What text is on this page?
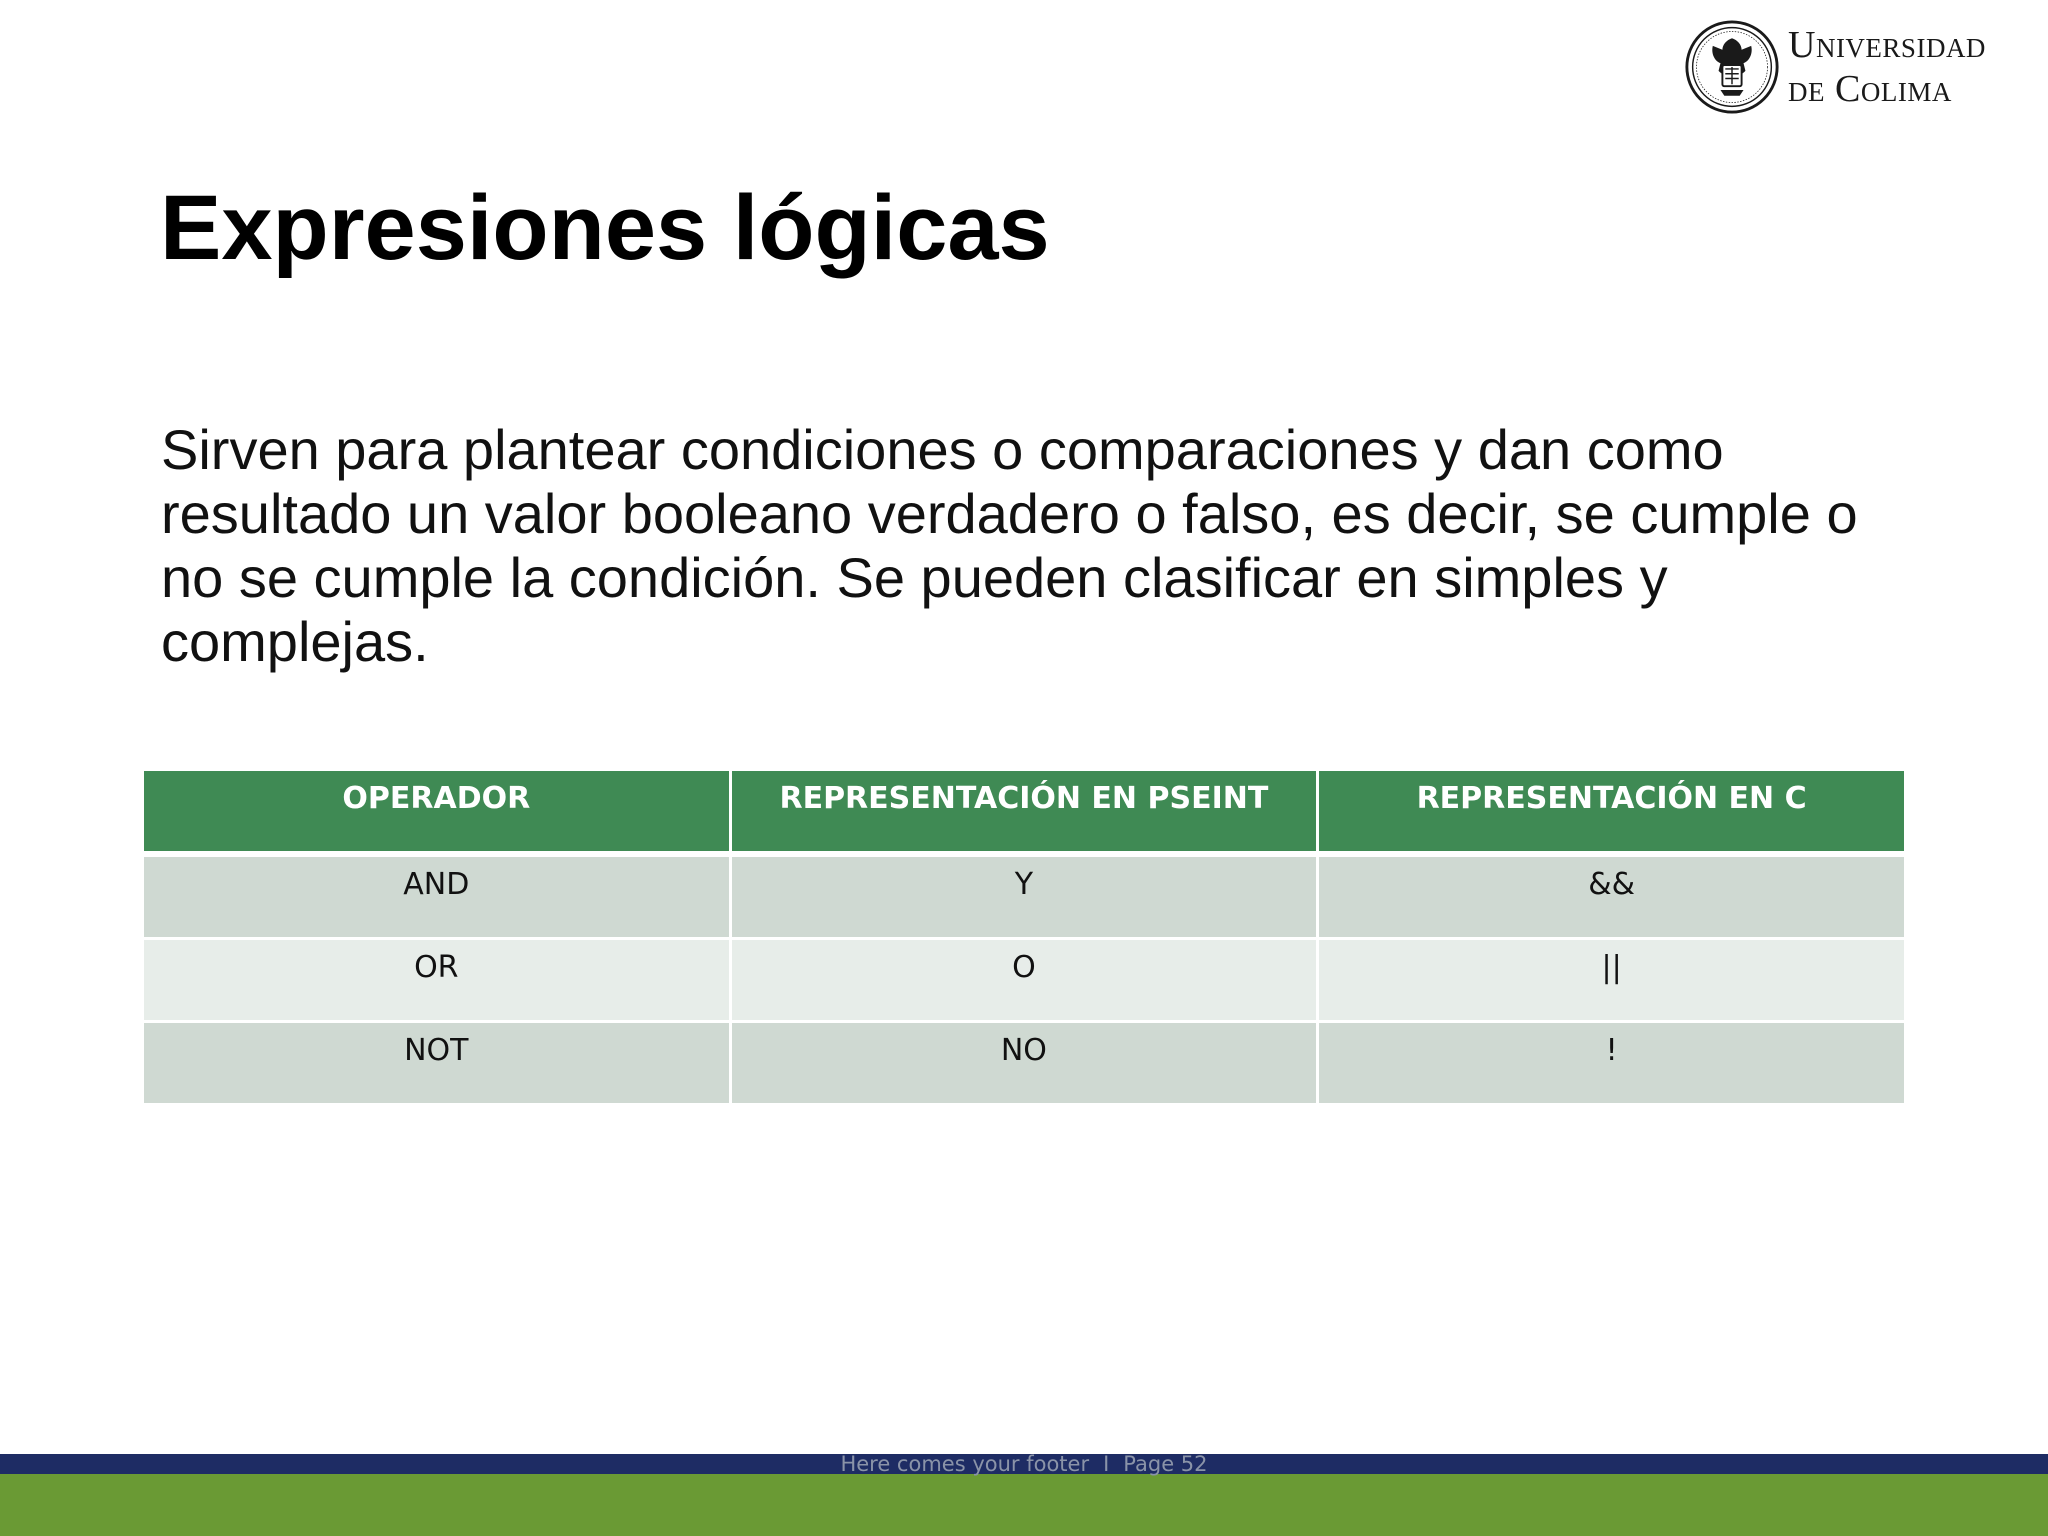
Universidad
de Colima
Expresiones lógicas

Sirven para plantear condiciones o comparaciones y dan como resultado un valor booleano verdadero o falso, es decir, se cumple o no se cumple la condición. Se pueden clasificar en simples y complejas.

OPERADOR	REPRESENTACIÓN EN PSEINT	REPRESENTACIÓN EN C
AND	Y	&&
OR	O	||
NOT	NO	!
Here comes your footer I Page 52
